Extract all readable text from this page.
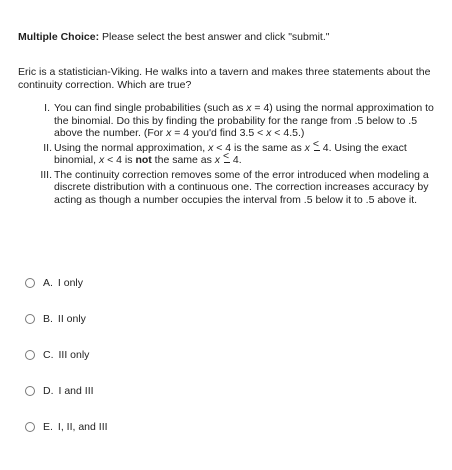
Multiple Choice: Please select the best answer and click "submit."
Eric is a statistician-Viking. He walks into a tavern and makes three statements about the continuity correction. Which are true?
I. You can find single probabilities (such as x = 4) using the normal approximation to the binomial. Do this by finding the probability for the range from .5 below to .5 above the number. (For x = 4 you'd find 3.5 < x < 4.5.)
II. Using the normal approximation, x < 4 is the same as x < 4. Using the exact binomial, x < 4 is not the same as x < 4.
III. The continuity correction removes some of the error introduced when modeling a discrete distribution with a continuous one. The correction increases accuracy by acting as though a number occupies the interval from .5 below it to .5 above it.
A. I only
B. II only
C. III only
D. I and III
E. I, II, and III
